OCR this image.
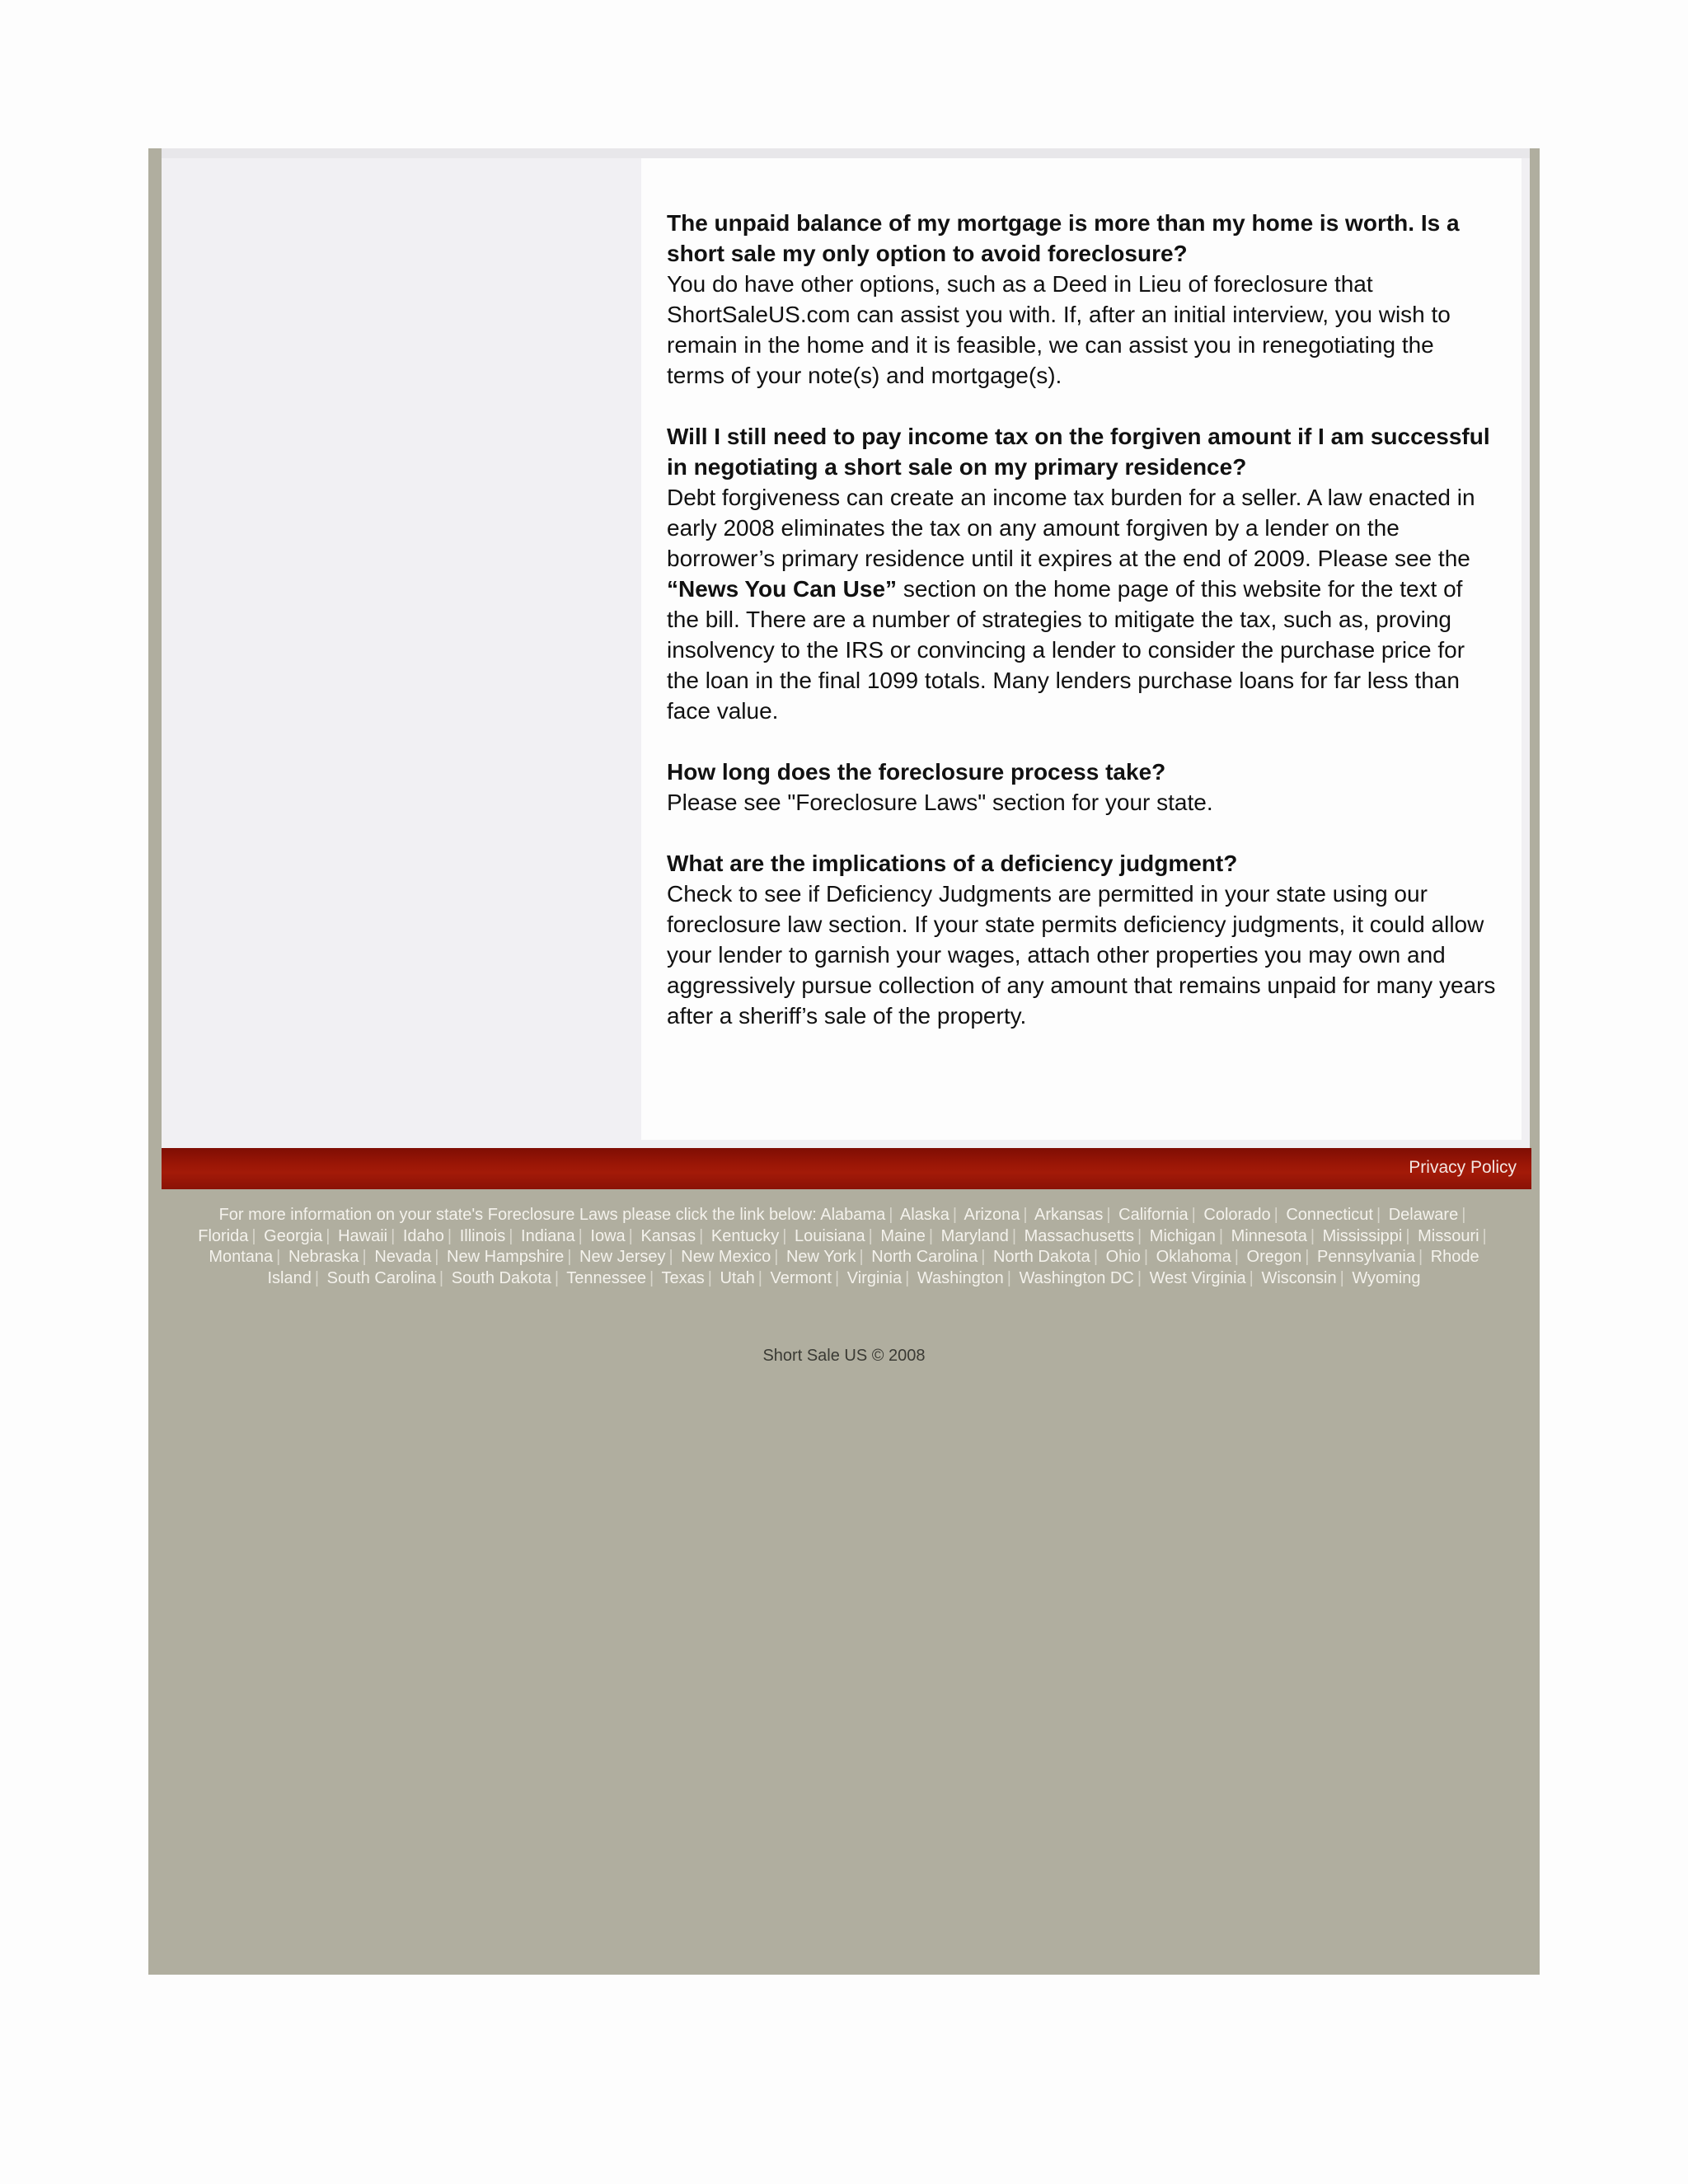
The unpaid balance of my mortgage is more than my home is worth. Is a short sale my only option to avoid foreclosure?

You do have other options, such as a Deed in Lieu of foreclosure that ShortSaleUS.com can assist you with. If, after an initial interview, you wish to remain in the home and it is feasible, we can assist you in renegotiating the terms of your note(s) and mortgage(s).

Will I still need to pay income tax on the forgiven amount if I am successful in negotiating a short sale on my primary residence?

Debt forgiveness can create an income tax burden for a seller. A law enacted in early 2008 eliminates the tax on any amount forgiven by a lender on the borrower’s primary residence until it expires at the end of 2009. Please see the “News You Can Use” section on the home page of this website for the text of the bill. There are a number of strategies to mitigate the tax, such as, proving insolvency to the IRS or convincing a lender to consider the purchase price for the loan in the final 1099 totals. Many lenders purchase loans for far less than face value.

How long does the foreclosure process take?

Please see "Foreclosure Laws" section for your state.

What are the implications of a deficiency judgment?

Check to see if Deficiency Judgments are permitted in your state using our foreclosure law section. If your state permits deficiency judgments, it could allow your lender to garnish your wages, attach other properties you may own and aggressively pursue collection of any amount that remains unpaid for many years after a sheriff’s sale of the property.

Privacy Policy
For more information on your state's Foreclosure Laws please click the link below: Alabama | Alaska | Arizona | Arkansas | California | Colorado | Connecticut | Delaware | Florida | Georgia | Hawaii | Idaho | Illinois | Indiana | Iowa | Kansas | Kentucky | Louisiana | Maine | Maryland | Massachusetts | Michigan | Minnesota | Mississippi | Missouri | Montana | Nebraska | Nevada | New Hampshire | New Jersey | New Mexico | New York | North Carolina | North Dakota | Ohio | Oklahoma | Oregon | Pennsylvania | Rhode Island | South Carolina | South Dakota | Tennessee | Texas | Utah | Vermont | Virginia | Washington | Washington DC | West Virginia | Wisconsin | Wyoming
Short Sale US © 2008
